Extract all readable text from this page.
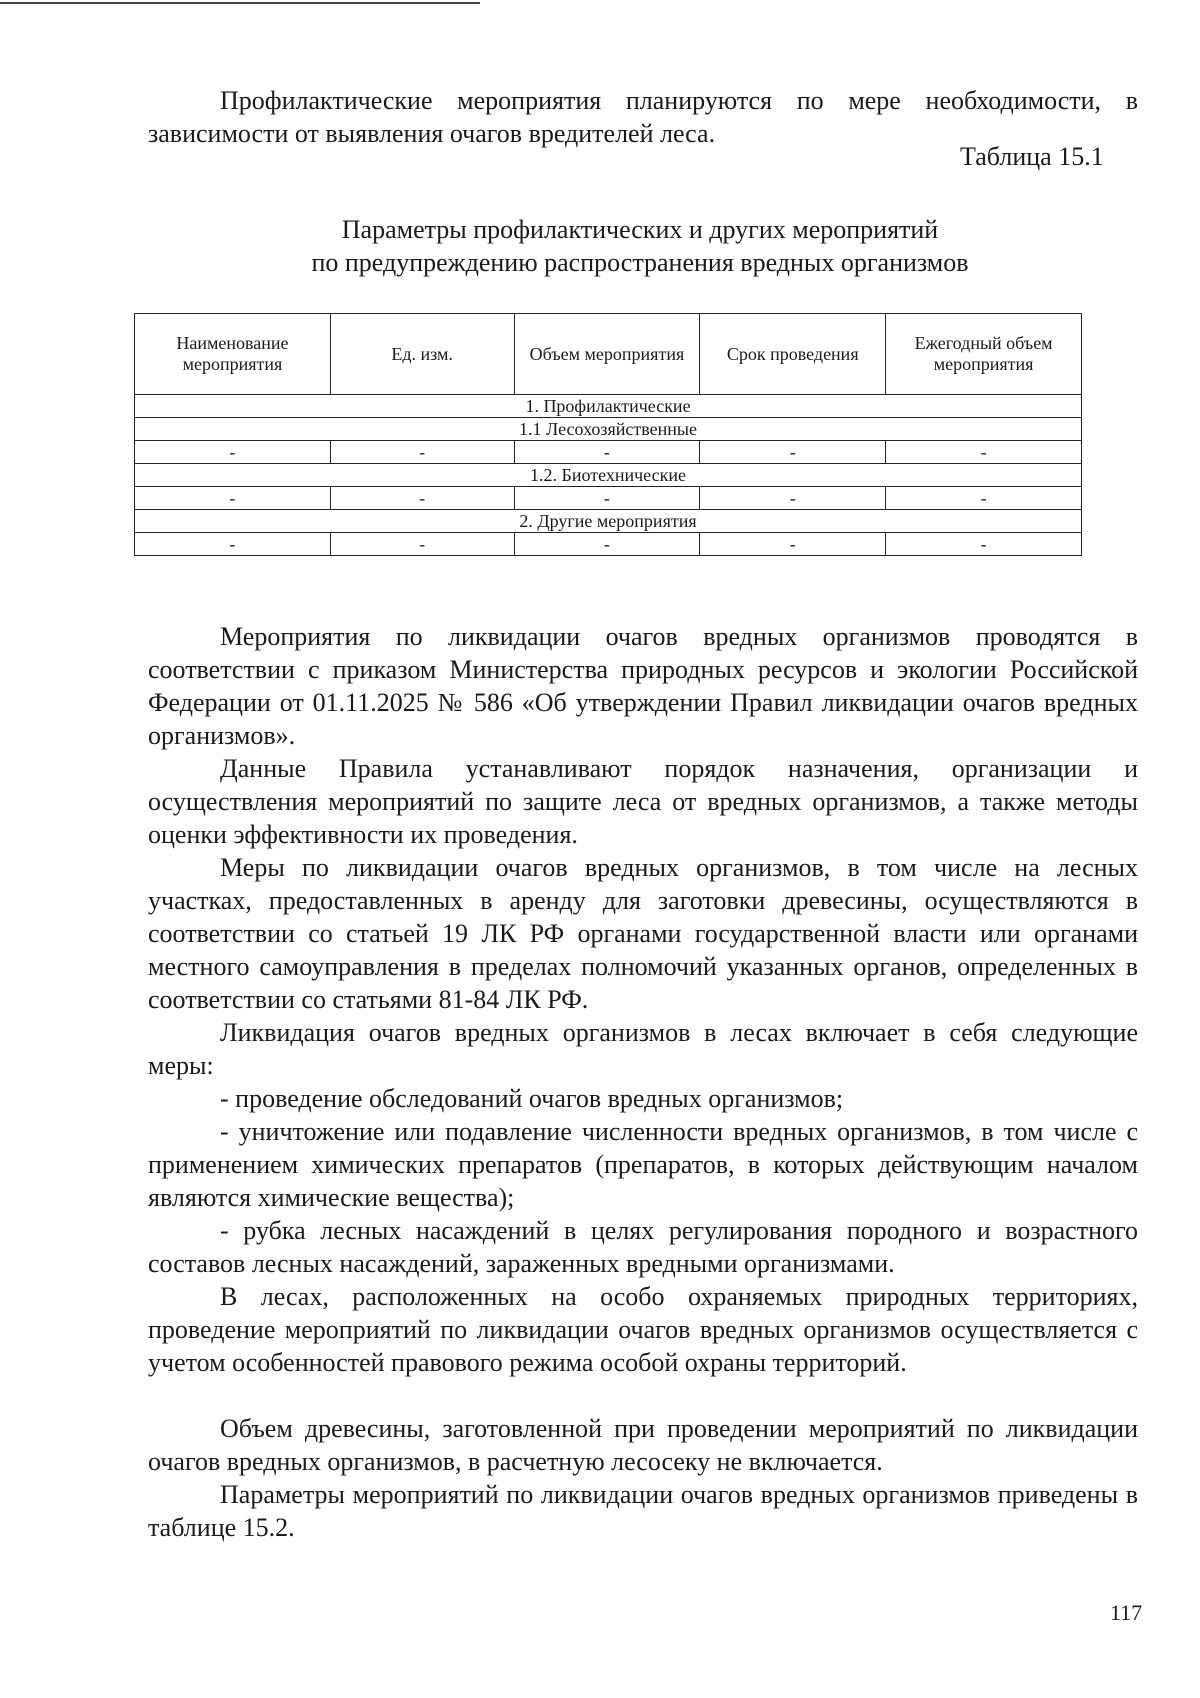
Профилактические мероприятия планируются по мере необходимости, в зависимости от выявления очагов вредителей леса.

Таблица 15.1
Параметры профилактических и других мероприятий
по предупреждению распространения вредных организмов
Наименование мероприятия	Ед. изм.	Объем мероприятия	Срок проведения	Ежегодный объем мероприятия
1. Профилактические				
1.1 Лесохозяйственные				
-	-	-	-	-
1.2. Биотехнические				
-	-	-	-	-
2. Другие мероприятия				
-	-	-	-	-

Мероприятия по ликвидации очагов вредных организмов проводятся в соответствии с приказом Министерства природных ресурсов и экологии Российской Федерации от 01.11.2025 № 586 «Об утверждении Правил ликвидации очагов вредных организмов».

Данные Правила устанавливают порядок назначения, организации и осуществления мероприятий по защите леса от вредных организмов, а также методы оценки эффективности их проведения.

Меры по ликвидации очагов вредных организмов, в том числе на лесных участках, предоставленных в аренду для заготовки древесины, осуществляются в соответствии со статьей 19 ЛК РФ органами государственной власти или органами местного самоуправления в пределах полномочий указанных органов, определенных в соответствии со статьями 81-84 ЛК РФ.

Ликвидация очагов вредных организмов в лесах включает в себя следующие меры:

- проведение обследований очагов вредных организмов;

- уничтожение или подавление численности вредных организмов, в том числе с применением химических препаратов (препаратов, в которых действующим началом являются химические вещества);

- рубка лесных насаждений в целях регулирования породного и возрастного составов лесных насаждений, зараженных вредными организмами.

В лесах, расположенных на особо охраняемых природных территориях, проведение мероприятий по ликвидации очагов вредных организмов осуществляется с учетом особенностей правового режима особой охраны территорий.

Объем древесины, заготовленной при проведении мероприятий по ликвидации очагов вредных организмов, в расчетную лесосеку не включается.

Параметры мероприятий по ликвидации очагов вредных организмов приведены в таблице 15.2.

117
